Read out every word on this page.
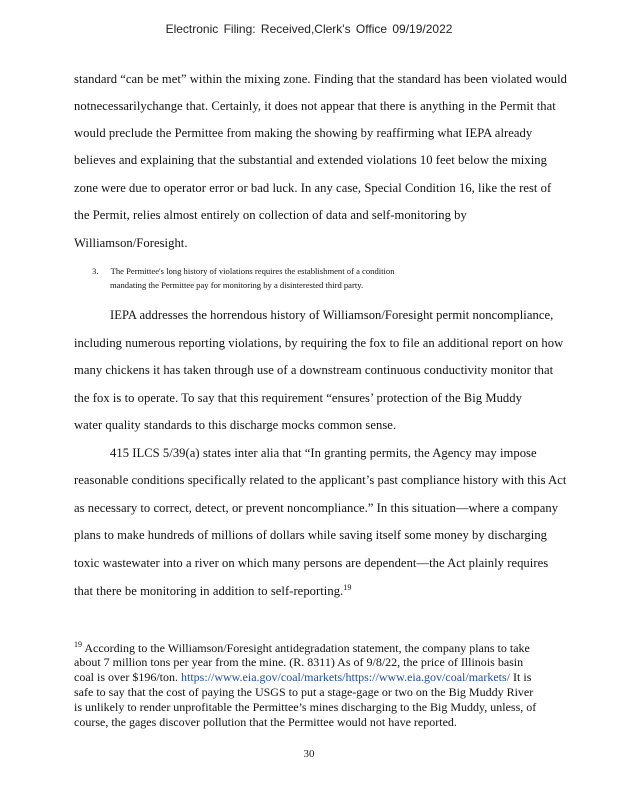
Electronic Filing: Received,Clerk's Office 09/19/2022
standard “can be met” within the mixing zone. Finding that the standard has been violated would
notnecessarilychange that. Certainly, it does not appear that there is anything in the Permit that
would preclude the Permittee from making the showing by reaffirming what IEPA already
believes and explaining that the substantial and extended violations 10 feet below the mixing
zone were due to operator error or bad luck. In any case, Special Condition 16, like the rest of
the Permit, relies almost entirely on collection of data and self-monitoring by
Williamson/Foresight.
3. The Permittee's long history of violations requires the establishment of a condition
mandating the Permittee pay for monitoring by a disinterested third party.
IEPA addresses the horrendous history of Williamson/Foresight permit noncompliance,
including numerous reporting violations, by requiring the fox to file an additional report on how
many chickens it has taken through use of a downstream continuous conductivity monitor that
the fox is to operate. To say that this requirement “ensures’ protection of the Big Muddy
water quality standards to this discharge mocks common sense.
415 ILCS 5/39(a) states inter alia that “In granting permits, the Agency may impose
reasonable conditions specifically related to the applicant’s past compliance history with this Act
as necessary to correct, detect, or prevent noncompliance.” In this situation—where a company
plans to make hundreds of millions of dollars while saving itself some money by discharging
toxic wastewater into a river on which many persons are dependent—the Act plainly requires
that there be monitoring in addition to self-reporting.$^{19}$
$^{19}$ According to the Williamson/Foresight antidegradation statement, the company plans to take
about 7 million tons per year from the mine. (R. 8311) As of 9/8/22, the price of Illinois basin
coal is over $196/ton. https://www.eia.gov/coal/markets/https://www.eia.gov/coal/markets/ It is
safe to say that the cost of paying the USGS to put a stage-gage or two on the Big Muddy River
is unlikely to render unprofitable the Permittee’s mines discharging to the Big Muddy, unless, of
course, the gages discover pollution that the Permittee would not have reported.
30
